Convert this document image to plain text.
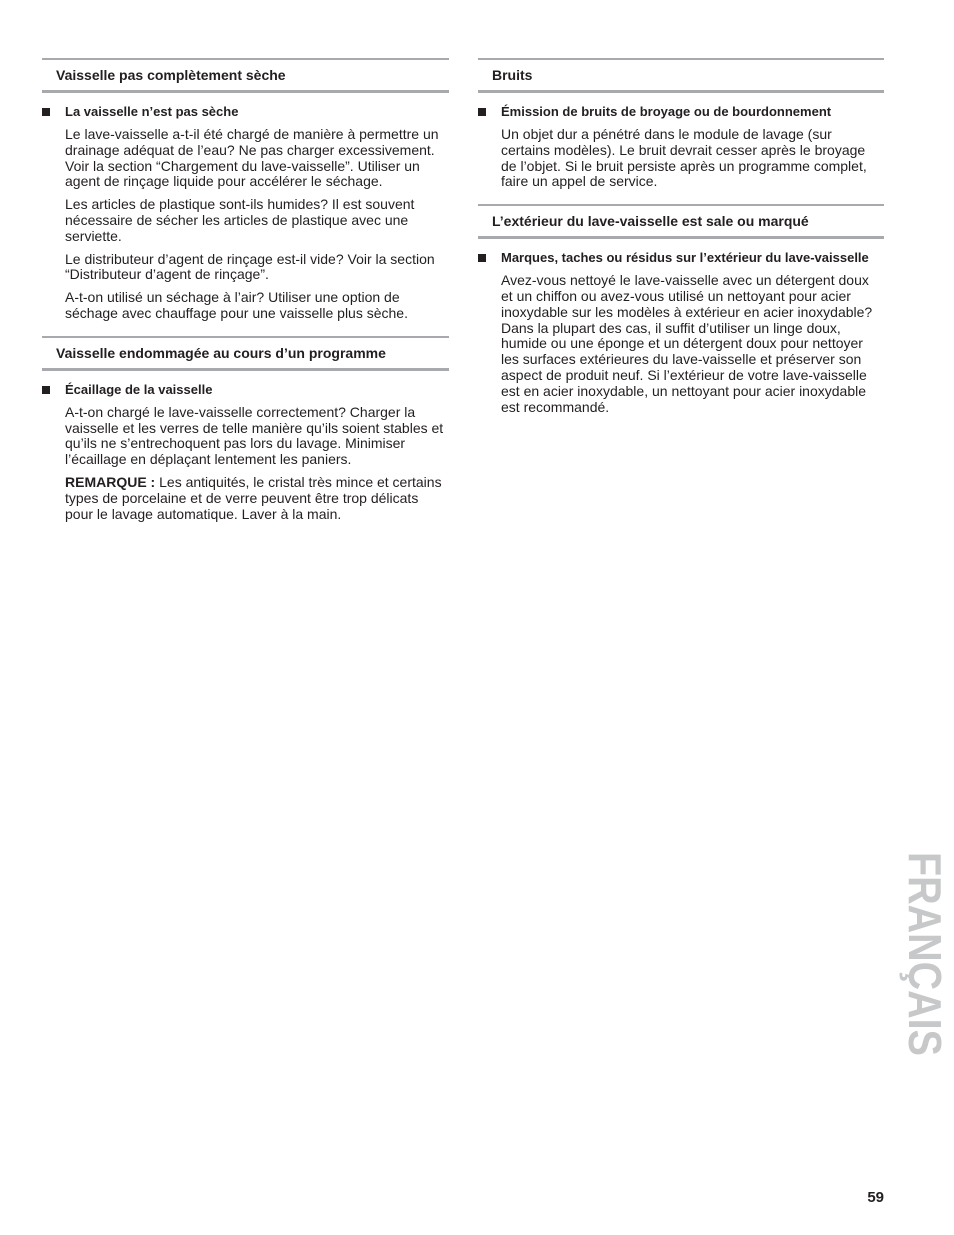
Vaisselle pas complètement sèche
La vaisselle n’est pas sèche

Le lave-vaisselle a-t-il été chargé de manière à permettre un drainage adéquat de l’eau? Ne pas charger excessivement. Voir la section “Chargement du lave-vaisselle”. Utiliser un agent de rinçage liquide pour accélérer le séchage.

Les articles de plastique sont-ils humides? Il est souvent nécessaire de sécher les articles de plastique avec une serviette.

Le distributeur d’agent de rinçage est-il vide? Voir la section “Distributeur d’agent de rinçage”.

A-t-on utilisé un séchage à l’air? Utiliser une option de séchage avec chauffage pour une vaisselle plus sèche.

Vaisselle endommagée au cours d’un programme
Écaillage de la vaisselle

A-t-on chargé le lave-vaisselle correctement? Charger la vaisselle et les verres de telle manière qu’ils soient stables et qu’ils ne s’entrechoquent pas lors du lavage. Minimiser l’écaillage en déplaçant lentement les paniers.

REMARQUE : Les antiquités, le cristal très mince et certains types de porcelaine et de verre peuvent être trop délicats pour le lavage automatique. Laver à la main.

Bruits
Émission de bruits de broyage ou de bourdonnement

Un objet dur a pénétré dans le module de lavage (sur certains modèles). Le bruit devrait cesser après le broyage de l’objet. Si le bruit persiste après un programme complet, faire un appel de service.

L’extérieur du lave-vaisselle est sale ou marqué
Marques, taches ou résidus sur l’extérieur du lave-vaisselle

Avez-vous nettoyé le lave-vaisselle avec un détergent doux et un chiffon ou avez-vous utilisé un nettoyant pour acier inoxydable sur les modèles à extérieur en acier inoxydable? Dans la plupart des cas, il suffit d’utiliser un linge doux, humide ou une éponge et un détergent doux pour nettoyer les surfaces extérieures du lave-vaisselle et préserver son aspect de produit neuf. Si l’extérieur de votre lave-vaisselle est en acier inoxydable, un nettoyant pour acier inoxydable est recommandé.

FRANÇAIS
59
